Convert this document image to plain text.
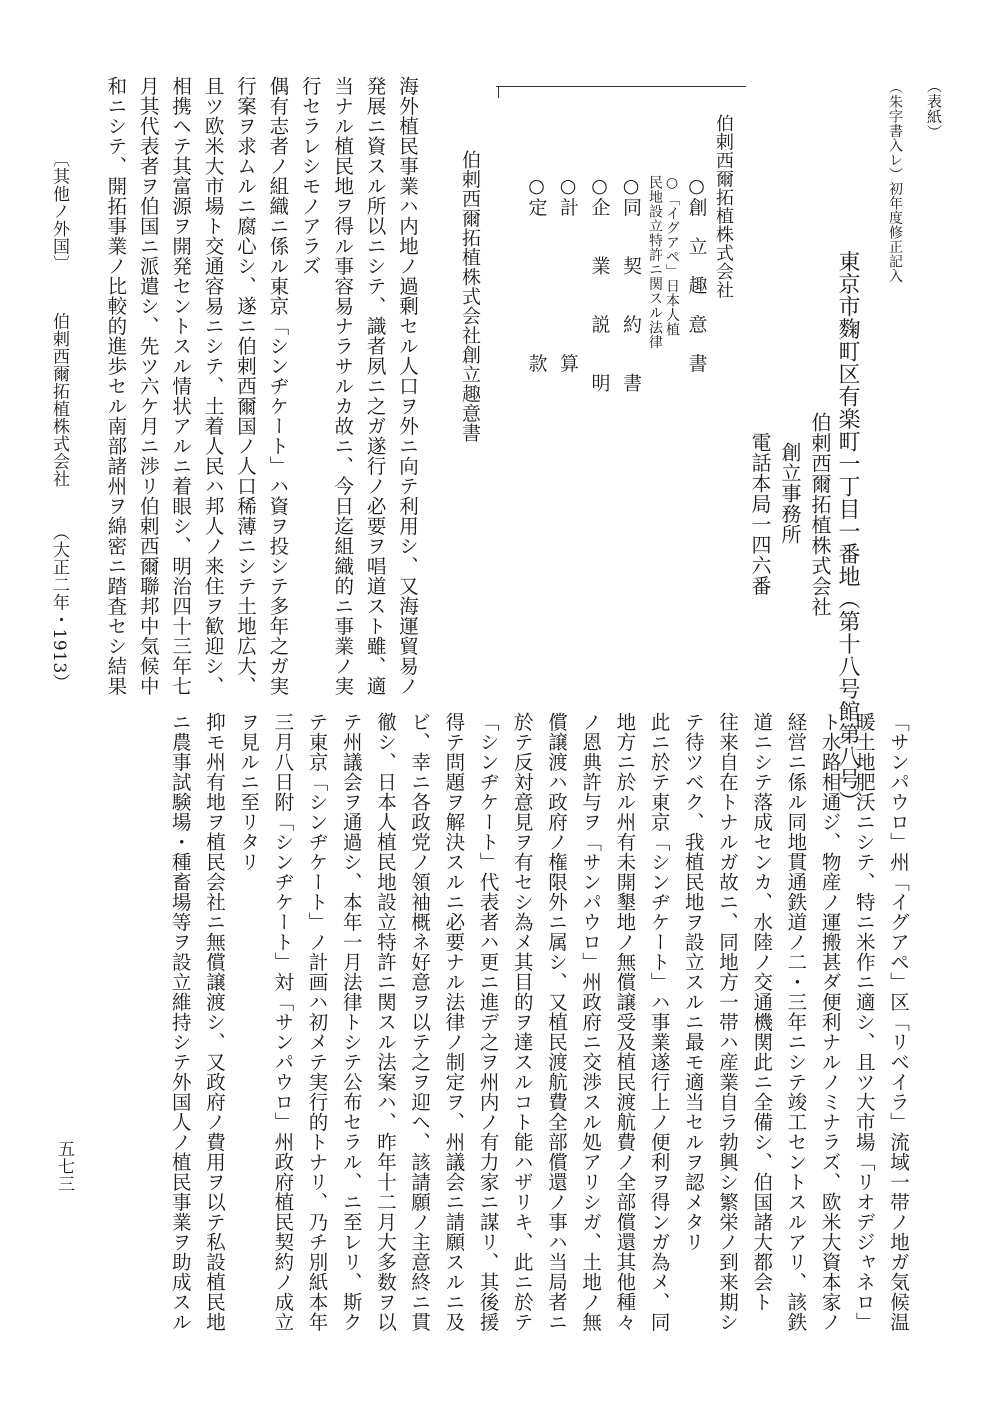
（表紙）
（朱字書入レ）初年度修正記入
東京市麴町区有楽町一丁目一番地（第十八号館第八号）
伯剌西爾拓植株式会社
創立事務所
電話本局一四六番
伯剌西爾拓植株式会社
○創　立　趣　意　書
○「イグアペ」日本人植民地設立特許ニ関スル法律
○同　　契　　約　　書
○企　　業　　説　　明
○計　　　　　　　算
○定　　　　　　　款
伯剌西爾拓植株式会社創立趣意書
海外植民事業ハ内地ノ過剰セル人口ヲ外ニ向テ利用シ、又海運貿易ノ
発展ニ資スル所以ニシテ、識者夙ニ之ガ遂行ノ必要ヲ唱道スト雖、適
当ナル植民地ヲ得ル事容易ナラサルカ故ニ、今日迄組織的ニ事業ノ実
行セラレシモノアラズ
偶有志者ノ組織ニ係ル東京「シンヂケート」ハ資ヲ投シテ多年之ガ実
行案ヲ求ムルニ腐心シ、遂ニ伯剌西爾国ノ人口稀薄ニシテ土地広大、
且ツ欧米大市場ト交通容易ニシテ、土着人民ハ邦人ノ来住ヲ歓迎シ、
相携ヘテ其富源ヲ開発セントスル情状アルニ着眼シ、明治四十三年七
月其代表者ヲ伯国ニ派遣シ、先ツ六ケ月ニ渉リ伯剌西爾聯邦中気候中
和ニシテ、開拓事業ノ比較的進歩セル南部諸州ヲ綿密ニ踏査セシ結果
〔其他ノ外国〕伯剌西爾拓植株式会社（大正二年・1913）
「サンパウロ」州「イグアペ」区「リベイラ」流域一帯ノ地ガ気候温
暖土地肥沃ニシテ、特ニ米作ニ適シ、且ツ大市場「リオデジャネロ」
ト水路相通ジ、物産ノ運搬甚ダ便利ナルノミナラズ、欧米大資本家ノ
経営ニ係ル同地貫通鉄道ノ二・三年ニシテ竣工セントスルアリ、該鉄
道ニシテ落成センカ、水陸ノ交通機関此ニ全備シ、伯国諸大都会ト
往来自在トナルガ故ニ、同地方一帯ハ産業自ラ勃興シ繁栄ノ到来期シ
テ待ツベク、我植民地ヲ設立スルニ最モ適当セルヲ認メタリ
此ニ於テ東京「シンヂケート」ハ事業遂行上ノ便利ヲ得ンガ為メ、同
地方ニ於ル州有未開墾地ノ無償譲受及植民渡航費ノ全部償還其他種々
ノ恩典許与ヲ「サンパウロ」州政府ニ交渉スル処アリシガ、土地ノ無
償譲渡ハ政府ノ権限外ニ属シ、又植民渡航費全部償還ノ事ハ当局者ニ
於テ反対意見ヲ有セシ為メ其目的ヲ達スルコト能ハザリキ、此ニ於テ
「シンヂケート」代表者ハ更ニ進デ之ヲ州内ノ有力家ニ謀リ、其後援
得テ問題ヲ解決スルニ必要ナル法律ノ制定ヲ、州議会ニ請願スルニ及
ビ、幸ニ各政党ノ領袖概ネ好意ヲ以テ之ヲ迎ヘ、該請願ノ主意終ニ貫
徹シ、日本人植民地設立特許ニ関スル法案ハ、昨年十二月大多数ヲ以
テ州議会ヲ通過シ、本年一月法律トシテ公布セラル、ニ至レリ、斯ク
テ東京「シンヂケート」ノ計画ハ初メテ実行的トナリ、乃チ別紙本年
三月八日附「シンヂケート」対「サンパウロ」州政府植民契約ノ成立
ヲ見ルニ至リタリ
抑モ州有地ヲ植民会社ニ無償譲渡シ、又政府ノ費用ヲ以テ私設植民地
ニ農事試験場・種畜場等ヲ設立維持シテ外国人ノ植民事業ヲ助成スル
五七三
